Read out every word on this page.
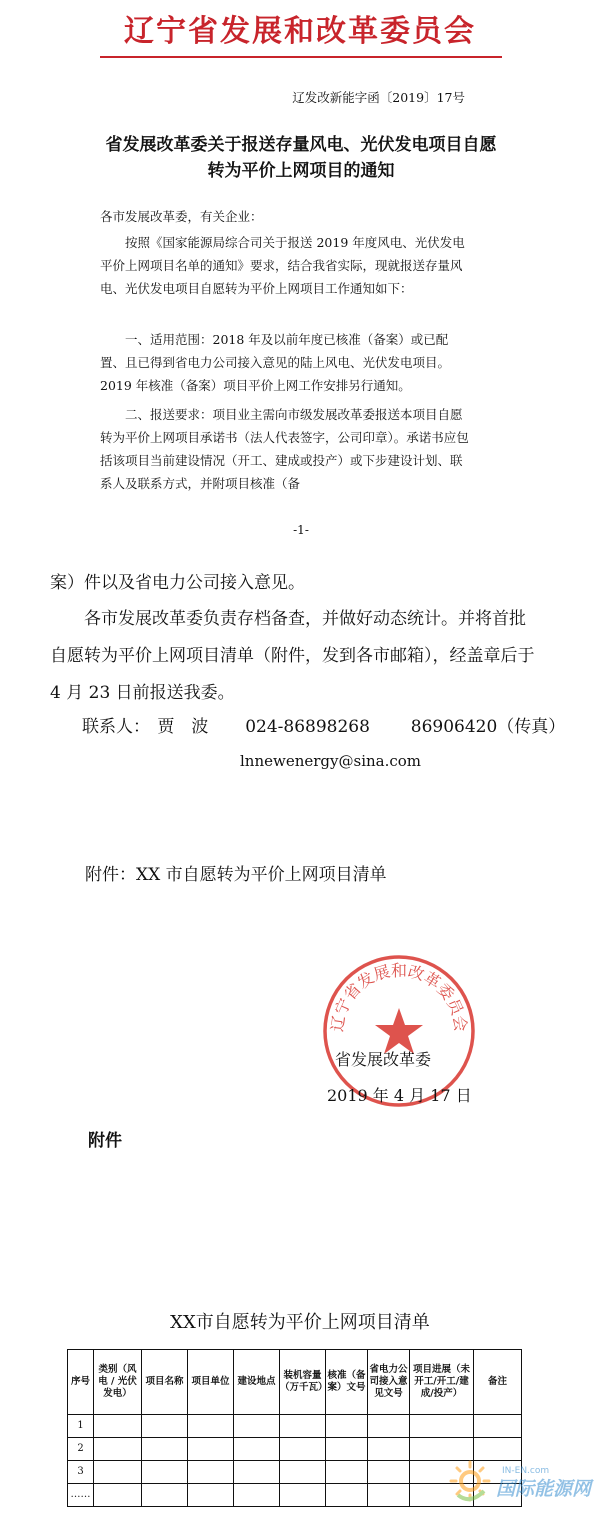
辽宁省发展和改革委员会
辽发改新能字函〔2019〕17号
省发展改革委关于报送存量风电、光伏发电项目自愿转为平价上网项目的通知
各市发展改革委，有关企业：
按照《国家能源局综合司关于报送 2019 年度风电、光伏发电平价上网项目名单的通知》要求，结合我省实际，现就报送存量风电、光伏发电项目自愿转为平价上网项目工作通知如下：
一、适用范围：2018 年及以前年度已核准（备案）或已配置、且已得到省电力公司接入意见的陆上风电、光伏发电项目。2019 年核准（备案）项目平价上网工作安排另行通知。
二、报送要求：项目业主需向市级发展改革委报送本项目自愿转为平价上网项目承诺书（法人代表签字，公司印章）。承诺书应包括该项目当前建设情况（开工、建成或投产）或下步建设计划、联系人及联系方式，并附项目核准（备
-1-
案）件以及省电力公司接入意见。
各市发展改革委负责存档备查，并做好动态统计。并将首批自愿转为平价上网项目清单（附件，发到各市邮箱），经盖章后于 4 月 23 日前报送我委。
联系人： 贾　波 024-86898268 86906420（传真）
lnnewenergy@sina.com
附件：XX 市自愿转为平价上网项目清单
辽宁省发展和改革委员会
省发展改革委
2019 年 4 月 17 日
附件
XX市自愿转为平价上网项目清单
序号	类别（风电 / 光伏发电）	项目名称	项目单位	建设地点	装机容量（万千瓦）	核准（备案）文号	省电力公司接入意见文号	项目进展（未开工/开工/建成/投产）	备注
1									
2									
3									
……									
IN-EN.com
国际能源网
